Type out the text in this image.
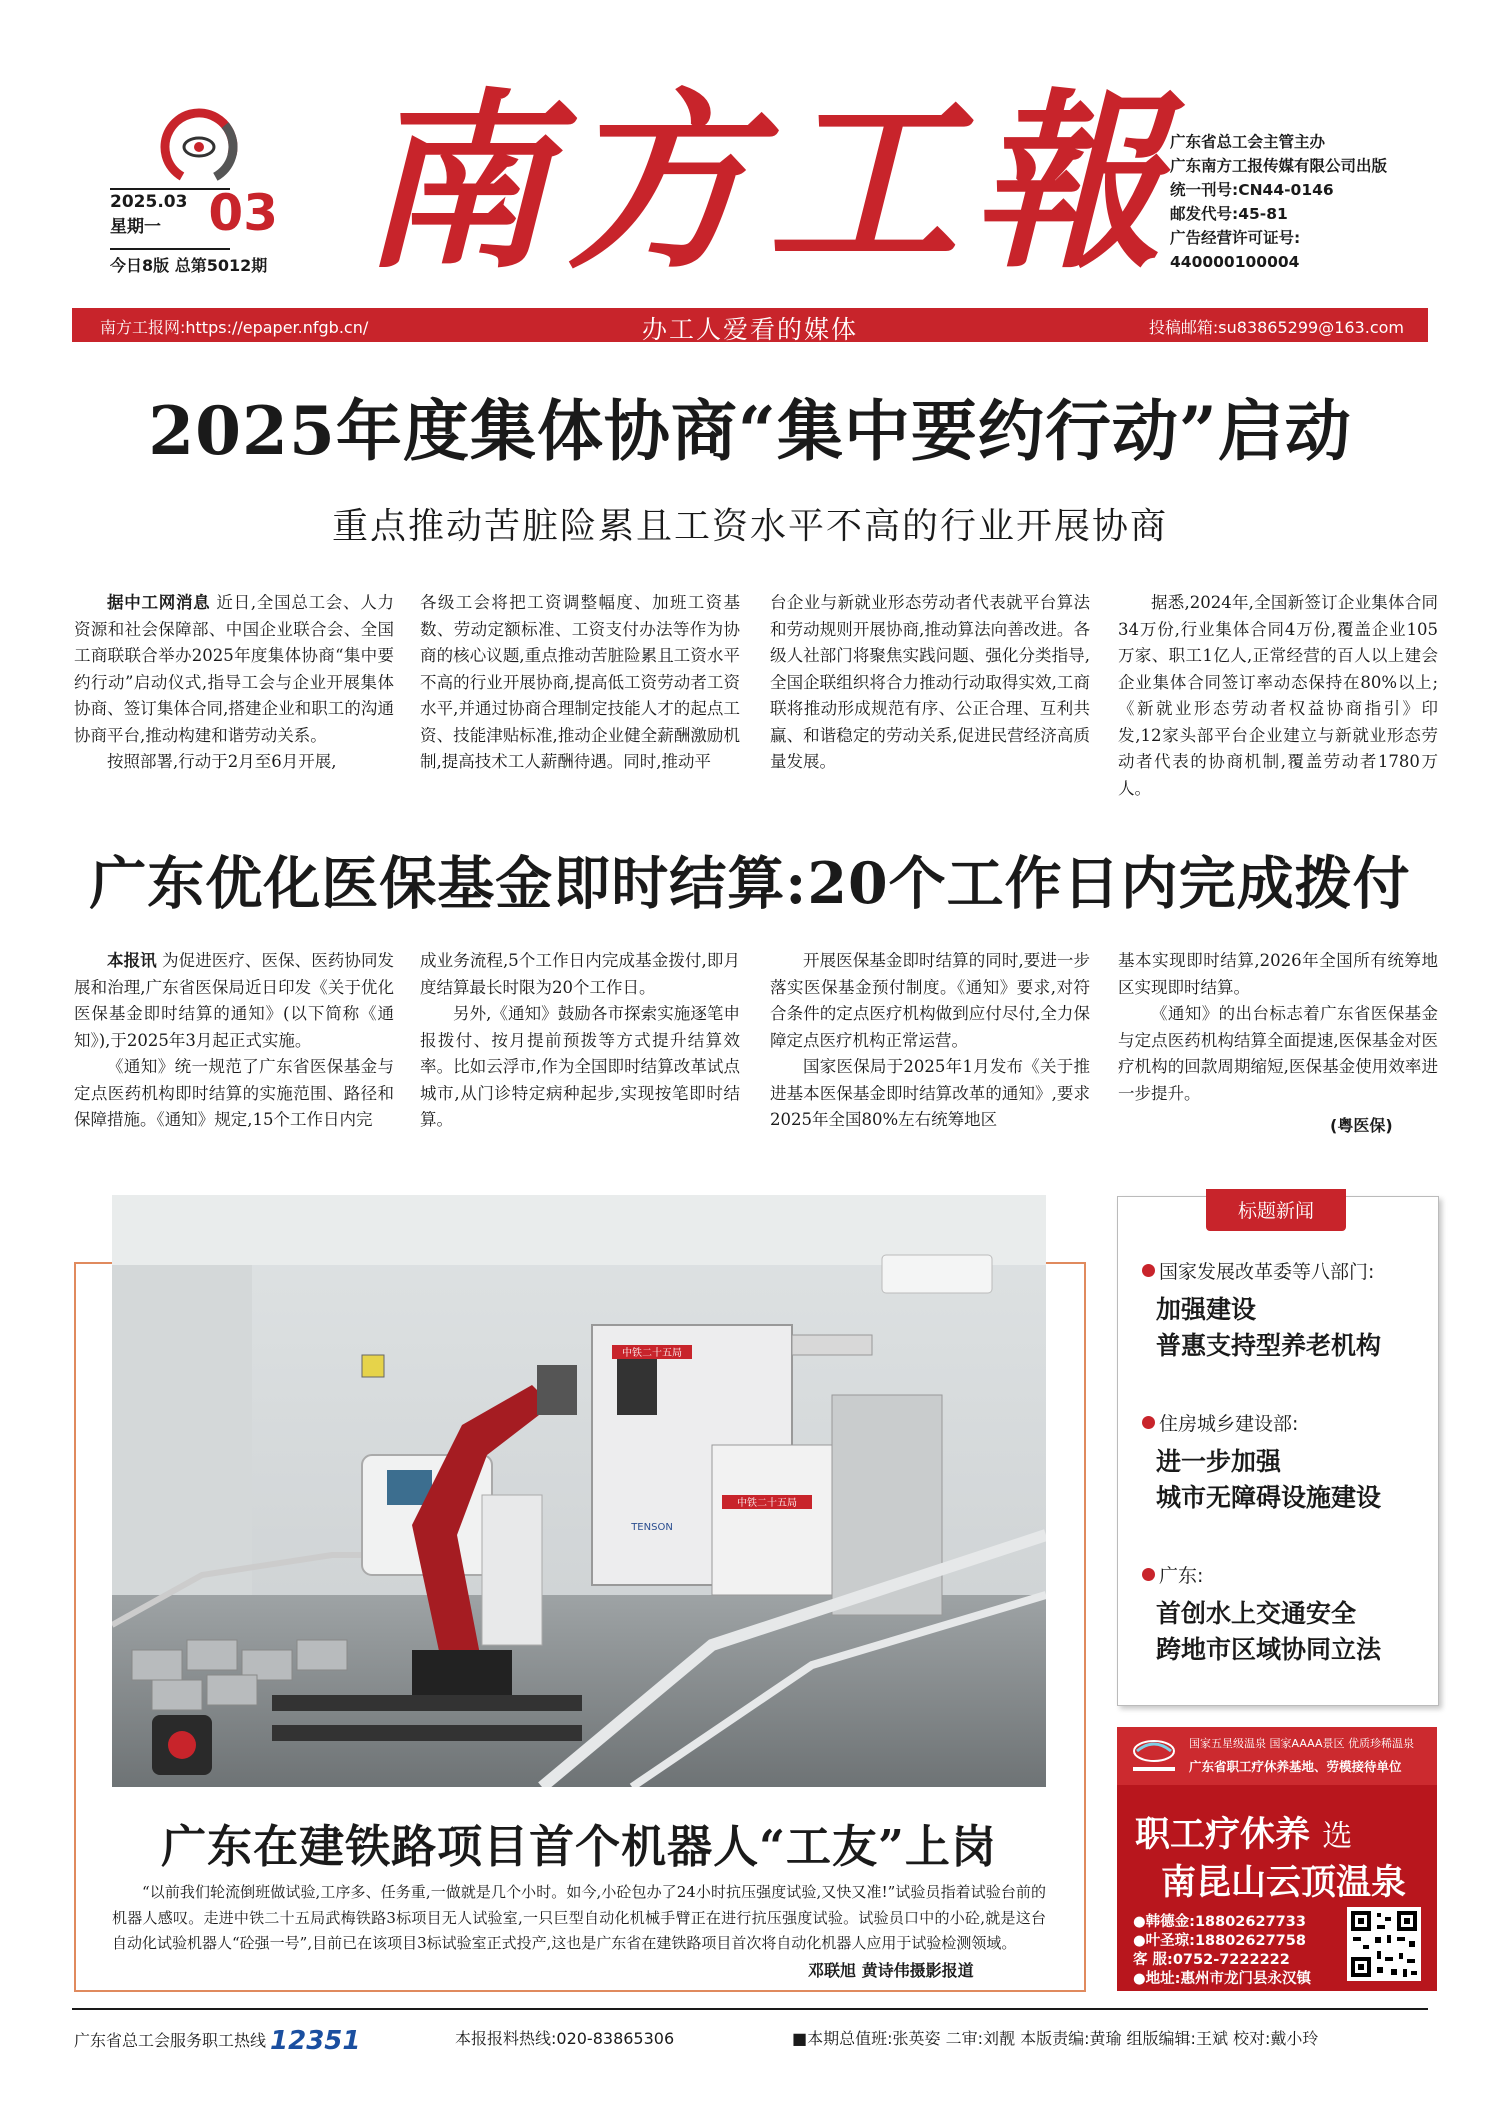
2025.03
星期一 03
今日8版 总第5012期 南方工報
广东省总工会主管主办
广东南方工报传媒有限公司出版
统一刊号:CN44-0146
邮发代号:45-81
广告经营许可证号:
440000100004
办工人爱看的媒体
南方工报网:https://epaper.nfgb.cn/	投稿邮箱:su83865299@163.com
2025年度集体协商“集中要约行动”启动
重点推动苦脏险累且工资水平不高的行业开展协商

据中工网消息 近日,全国总工会、人力资源和社会保障部、中国企业联合会、全国工商联联合举办2025年度集体协商“集中要约行动”启动仪式,指导工会与企业开展集体协商、签订集体合同,搭建企业和职工的沟通协商平台,推动构建和谐劳动关系。

按照部署,行动于2月至6月开展,

各级工会将把工资调整幅度、加班工资基数、劳动定额标准、工资支付办法等作为协商的核心议题,重点推动苦脏险累且工资水平不高的行业开展协商,提高低工资劳动者工资水平,并通过协商合理制定技能人才的起点工资、技能津贴标准,推动企业健全薪酬激励机制,提高技术工人薪酬待遇。同时,推动平

台企业与新就业形态劳动者代表就平台算法和劳动规则开展协商,推动算法向善改进。各级人社部门将聚焦实践问题、强化分类指导,全国企联组织将合力推动行动取得实效,工商联将推动形成规范有序、公正合理、互利共赢、和谐稳定的劳动关系,促进民营经济高质量发展。

据悉,2024年,全国新签订企业集体合同34万份,行业集体合同4万份,覆盖企业105万家、职工1亿人,正常经营的百人以上建会企业集体合同签订率动态保持在80%以上;《新就业形态劳动者权益协商指引》印发,12家头部平台企业建立与新就业形态劳动者代表的协商机制,覆盖劳动者1780万人。

广东优化医保基金即时结算:20个工作日内完成拨付

本报讯 为促进医疗、医保、医药协同发展和治理,广东省医保局近日印发《关于优化医保基金即时结算的通知》(以下简称《通知》),于2025年3月起正式实施。

《通知》统一规范了广东省医保基金与定点医药机构即时结算的实施范围、路径和保障措施。《通知》规定,15个工作日内完

成业务流程,5个工作日内完成基金拨付,即月度结算最长时限为20个工作日。

另外,《通知》鼓励各市探索实施逐笔申报拨付、按月提前预拨等方式提升结算效率。比如云浮市,作为全国即时结算改革试点城市,从门诊特定病种起步,实现按笔即时结算。

开展医保基金即时结算的同时,要进一步落实医保基金预付制度。《通知》要求,对符合条件的定点医疗机构做到应付尽付,全力保障定点医疗机构正常运营。

国家医保局于2025年1月发布《关于推进基本医保基金即时结算改革的通知》,要求2025年全国80%左右统筹地区

基本实现即时结算,2026年全国所有统筹地区实现即时结算。

《通知》的出台标志着广东省医保基金与定点医药机构结算全面提速,医保基金对医疗机构的回款周期缩短,医保基金使用效率进一步提升。

(粤医保)
中铁二十五局
中铁二十五局
TENSON
广东在建铁路项目首个机器人“工友”上岗

“以前我们轮流倒班做试验,工序多、任务重,一做就是几个小时。如今,小砼包办了24小时抗压强度试验,又快又准!”试验员指着试验台前的机器人感叹。走进中铁二十五局武梅铁路3标项目无人试验室,一只巨型自动化机械手臂正在进行抗压强度试验。试验员口中的小砼,就是这台自动化试验机器人“砼强一号”,目前已在该项目3标试验室正式投产,这也是广东省在建铁路项目首次将自动化机器人应用于试验检测领域。

邓联旭 黄诗伟摄影报道
标题新闻
国家发展改革委等八部门:
加强建设
普惠支持型养老机构
住房城乡建设部:
进一步加强
城市无障碍设施建设
广东:
首创水上交通安全
跨地市区域协同立法
国家五星级温泉 国家AAAA景区 优质珍稀温泉
广东省职工疗休养基地、劳模接待单位
职工疗休养 选
南昆山云顶温泉
●韩德金:18802627733
●叶圣琼:18802627758
客 服:0752-7222222
●地址:惠州市龙门县永汉镇
广东省总工会服务职工热线 12351	本报报料热线:020-83865306	■本期总值班:张英姿 二审:刘靓 本版责编:黄瑜 组版编辑:王斌 校对:戴小玲
